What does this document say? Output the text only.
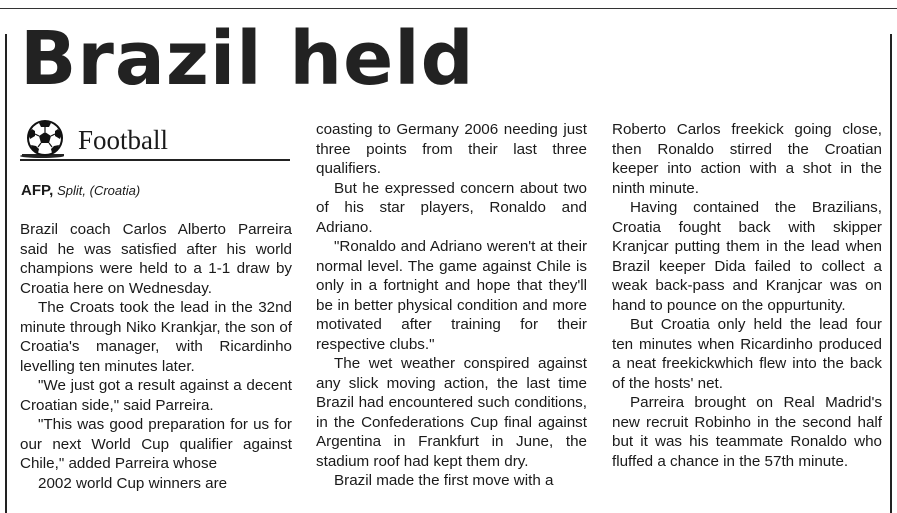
Brazil held
Football
AFP, Split, (Croatia)

Brazil coach Carlos Alberto Parreira said he was satisfied after his world champions were held to a 1-1 draw by Croatia here on Wednesday.

The Croats took the lead in the 32nd minute through Niko Krankjar, the son of Croatia's manager, with Ricardinho levelling ten minutes later.

"We just got a result against a decent Croatian side," said Parreira.

"This was good preparation for us for our next World Cup qualifier against Chile," added Parreira whose

2002 world Cup winners are

coasting to Germany 2006 needing just three points from their last three qualifiers.

But he expressed concern about two of his star players, Ronaldo and Adriano.

"Ronaldo and Adriano weren't at their normal level. The game against Chile is only in a fortnight and hope that they'll be in better physical condition and more motivated after training for their respective clubs."

The wet weather conspired against any slick moving action, the last time Brazil had encountered such conditions, in the Confederations Cup final against Argentina in Frankfurt in June, the stadium roof had kept them dry.

Brazil made the first move with a

Roberto Carlos freekick going close, then Ronaldo stirred the Croatian keeper into action with a shot in the ninth minute.

Having contained the Brazilians, Croatia fought back with skipper Kranjcar putting them in the lead when Brazil keeper Dida failed to collect a weak back-pass and Kranjcar was on hand to pounce on the oppurtunity.

But Croatia only held the lead four ten minutes when Ricardinho produced a neat freekickwhich flew into the back of the hosts' net.

Parreira brought on Real Madrid's new recruit Robinho in the second half but it was his teammate Ronaldo who fluffed a chance in the 57th minute.
